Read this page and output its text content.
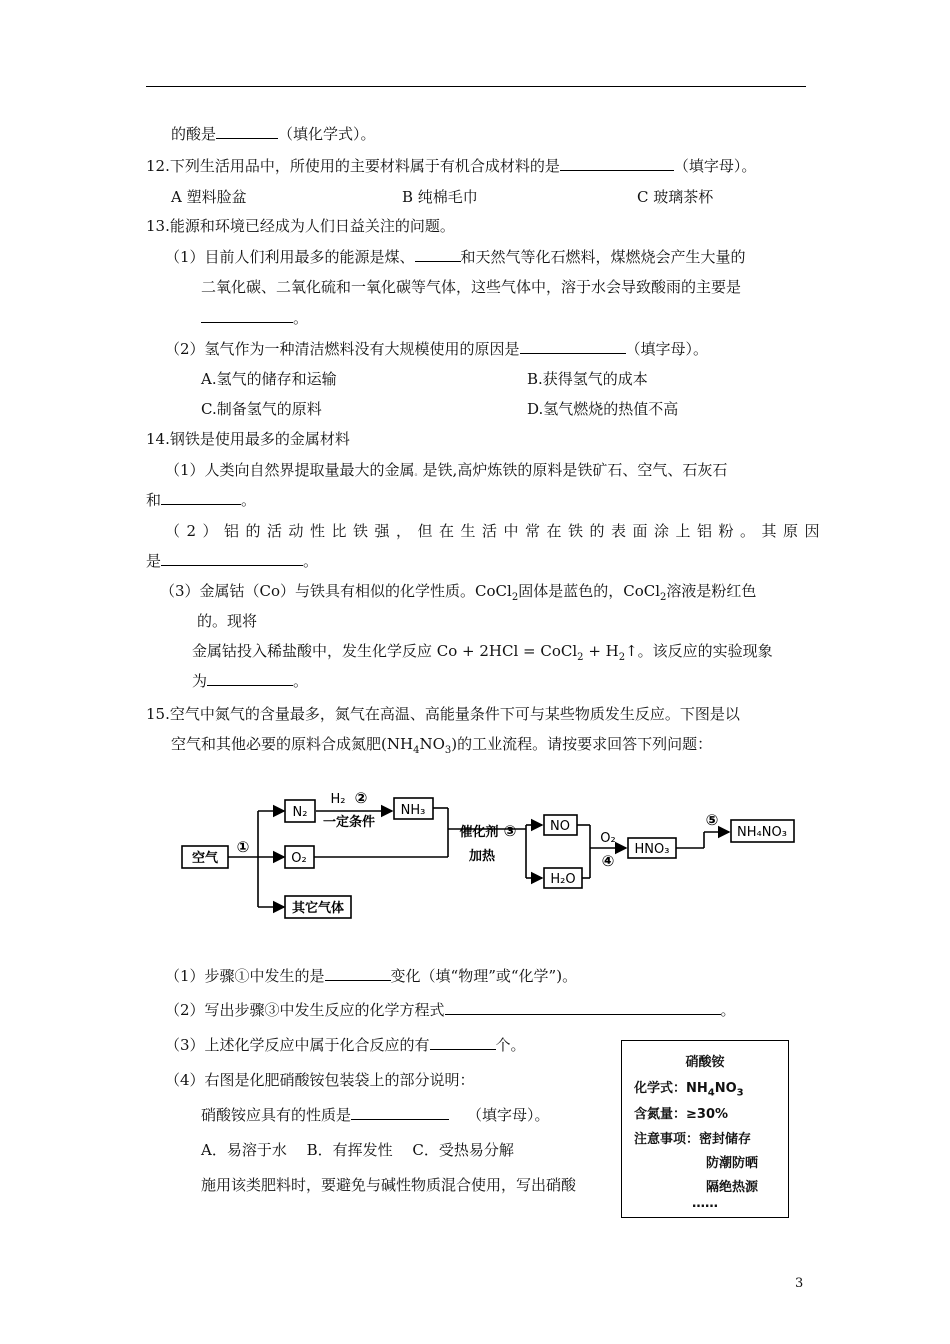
的酸是	（填化学式）。
12.下列生活用品中，所使用的主要材料属于有机合成材料的是	（填字母）。
A 塑料脸盆	B 纯棉毛巾	C 玻璃茶杯
13.能源和环境已经成为人们日益关注的问题。
（1）目前人们利用最多的能源是煤、	和天然气等化石燃料，煤燃烧会产生大量的
二氧化碳、二氧化硫和一氧化碳等气体，这些气体中，溶于水会导致酸雨的主要是
。
（2）氢气作为一种清洁燃料没有大规模使用的原因是	（填字母）。
A.氢气的储存和运输	B.获得氢气的成本
C.制备氢气的原料	D.氢气燃烧的热值不高
14.钢铁是使用最多的金属材料
（1）人类向自然界提取量最大的金属。是铁,高炉炼铁的原料是铁矿石、空气、石灰石
和	。
（2）铝的活动性比铁强，但在生活中常在铁的表面涂上铝粉。其原因
是	。
（3）金属钴（Co）与铁具有相似的化学性质。CoCl$_2$固体是蓝色的，CoCl$_2$溶液是粉红色
的。现将
金属钴投入稀盐酸中，发生化学反应 Co + 2HCl = CoCl$_2$ + $H_2↑$。该反应的实验现象
为	。
15.空气中氮气的含量最多，氮气在高温、高能量条件下可与某些物质发生反应。下图是以
空气和其他必要的原料合成氮肥$(NH_4NO_3)$的工业流程。请按要求回答下列问题：
空气
N₂
O₂
其它气体
NH₃
H₂ ②
一定条件
①
催化剂 ③
加热
NO
H₂O
O₂
④
HNO₃
⑤
NH₄NO₃
（1）步骤①中发生的是	变化（填“物理”或“化学”)。
（2）写出步骤③中发生反应的化学方程式	。
（3）上述化学反应中属于化合反应的有	个。
（4）右图是化肥硝酸铵包装袋上的部分说明：
硝酸铵应具有的性质是	（填字母）。
A．易溶于水　 B．有挥发性　 C．受热易分解
施用该类肥料时，要避免与碱性物质混合使用，写出硝酸
硝酸铵
化学式：$NH_4NO_3$
含氮量：≥30%
注意事项：密封储存
防潮防晒
隔绝热源
……
3
